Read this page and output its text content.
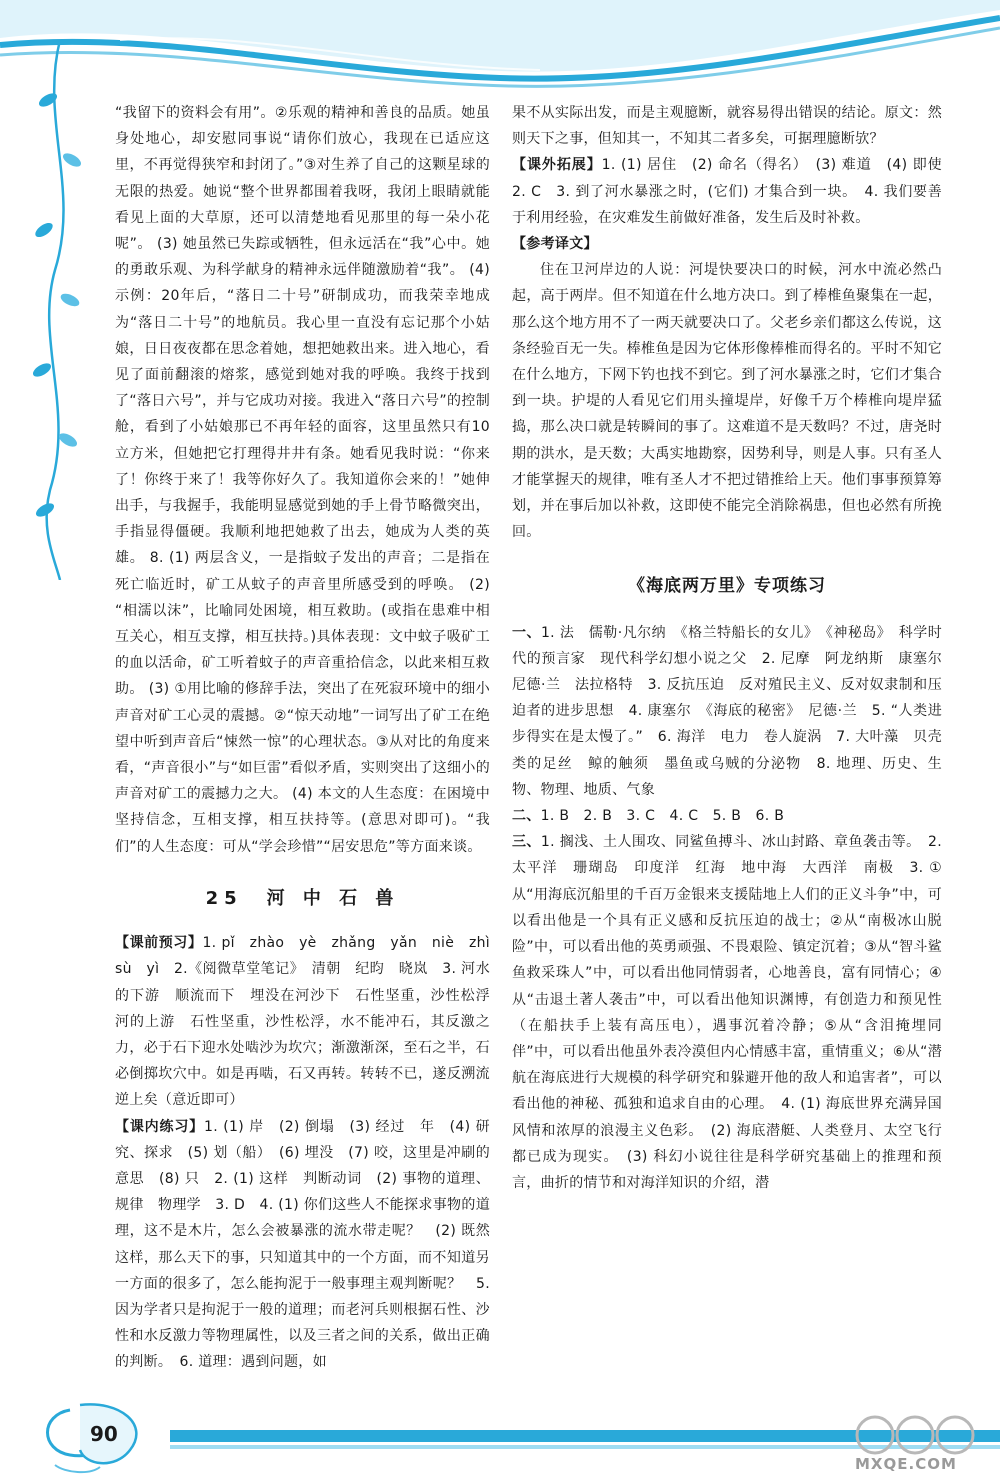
“我留下的资料会有用”。②乐观的精神和善良的品质。她虽身处地心，却安慰同事说“请你们放心，我现在已适应这里，不再觉得狭窄和封闭了。”③对生养了自己的这颗星球的无限的热爱。她说“整个世界都围着我呀，我闭上眼睛就能看见上面的大草原，还可以清楚地看见那里的每一朵小花呢”。 (3) 她虽然已失踪或牺牲，但永远活在“我”心中。她的勇敢乐观、为科学献身的精神永远伴随激励着“我”。 (4) 示例：20年后，“落日二十号”研制成功，而我荣幸地成为“落日二十号”的地航员。我心里一直没有忘记那个小姑娘，日日夜夜都在思念着她，想把她救出来。进入地心，看见了面前翻滚的熔浆，感觉到她对我的呼唤。我终于找到了“落日六号”，并与它成功对接。我进入“落日六号”的控制舱，看到了小姑娘那已不再年轻的面容，这里虽然只有10立方米，但她把它打理得井井有条。她看见我时说：“你来了！你终于来了！我等你好久了。我知道你会来的！”她伸出手，与我握手，我能明显感觉到她的手上骨节略微突出，手指显得僵硬。我顺利地把她救了出去，她成为人类的英雄。 8. (1) 两层含义，一是指蚊子发出的声音；二是指在死亡临近时，矿工从蚊子的声音里所感受到的呼唤。 (2) “相濡以沫”，比喻同处困境，相互救助。(或指在患难中相互关心，相互支撑，相互扶持。)具体表现：文中蚊子吸矿工的血以活命，矿工听着蚊子的声音重拾信念，以此来相互救助。 (3) ①用比喻的修辞手法，突出了在死寂环境中的细小声音对矿工心灵的震撼。②“惊天动地”一词写出了矿工在绝望中听到声音后“悚然一惊”的心理状态。③从对比的角度来看，“声音很小”与“如巨雷”看似矛盾，实则突出了这细小的声音对矿工的震撼力之大。 (4) 本文的人生态度：在困境中坚持信念，互相支撑，相互扶持等。(意思对即可)。“我们”的人生态度：可从“学会珍惜”“居安思危”等方面来谈。

25　河 中 石 兽

【课前预习】1. pǐ　zhào　yè　zhǎng　yǎn　niè　zhì　sù　yì　2.《阅微草堂笔记》　清朝　纪昀　晓岚　3. 河水的下游　顺流而下　埋没在河沙下　石性坚重，沙性松浮　河的上游　石性坚重，沙性松浮，水不能冲石，其反激之力，必于石下迎水处啮沙为坎穴；渐激渐深，至石之半，石必倒掷坎穴中。如是再啮，石又再转。转转不已，遂反溯流逆上矣（意近即可）

【课内练习】1. (1) 岸　(2) 倒塌　(3) 经过　年　(4) 研究、探求　(5) 划（船）　(6) 埋没　(7) 咬，这里是冲刷的意思　(8) 只　2. (1) 这样　判断动词　(2) 事物的道理、规律　物理学　3. D　4. (1) 你们这些人不能探求事物的道理，这不是木片，怎么会被暴涨的流水带走呢？　(2) 既然这样，那么天下的事，只知道其中的一个方面，而不知道另一方面的很多了，怎么能拘泥于一般事理主观判断呢？　5. 因为学者只是拘泥于一般的道理；而老河兵则根据石性、沙性和水反激力等物理属性，以及三者之间的关系，做出正确的判断。　6. 道理：遇到问题，如

果不从实际出发，而是主观臆断，就容易得出错误的结论。原文：然则天下之事，但知其一，不知其二者多矣，可据理臆断欤？

【课外拓展】1. (1) 居住　(2) 命名（得名）　(3) 难道　(4) 即使　2. C　3. 到了河水暴涨之时，(它们) 才集合到一块。　4. 我们要善于利用经验，在灾难发生前做好准备，发生后及时补救。

【参考译文】

住在卫河岸边的人说：河堤快要决口的时候，河水中流必然凸起，高于两岸。但不知道在什么地方决口。到了棒椎鱼聚集在一起，那么这个地方用不了一两天就要决口了。父老乡亲们都这么传说，这条经验百无一失。棒椎鱼是因为它体形像棒椎而得名的。平时不知它在什么地方，下网下钓也找不到它。到了河水暴涨之时，它们才集合到一块。护堤的人看见它们用头撞堤岸，好像千万个棒椎向堤岸猛捣，那么决口就是转瞬间的事了。这难道不是天数吗？不过，唐尧时期的洪水，是天数；大禹实地勘察，因势利导，则是人事。只有圣人才能掌握天的规律，唯有圣人才不把过错推给上天。他们事事预算筹划，并在事后加以补救，这即使不能完全消除祸患，但也必然有所挽回。

《海底两万里》专项练习

一、1. 法　儒勒·凡尔纳　《格兰特船长的女儿》　《神秘岛》　科学时代的预言家　现代科学幻想小说之父　2. 尼摩　阿龙纳斯　康塞尔　尼德·兰　法拉格特　3. 反抗压迫　反对殖民主义、反对奴隶制和压迫者的进步思想　4. 康塞尔　《海底的秘密》　尼德·兰　5. “人类进步得实在是太慢了。”　6. 海洋　电力　卷人旋涡　7. 大叶藻　贝壳类的足丝　鲸的触须　墨鱼或乌贼的分泌物　8. 地理、历史、生物、物理、地质、气象

二、1. B　2. B　3. C　4. C　5. B　6. B

三、1. 搁浅、土人围攻、同鲨鱼搏斗、冰山封路、章鱼袭击等。　2. 太平洋　珊瑚岛　印度洋　红海　地中海　大西洋　南极　3. ①从“用海底沉船里的千百万金银来支援陆地上人们的正义斗争”中，可以看出他是一个具有正义感和反抗压迫的战士；②从“南极冰山脱险”中，可以看出他的英勇顽强、不畏艰险、镇定沉着；③从“智斗鲨鱼救采珠人”中，可以看出他同情弱者，心地善良，富有同情心；④从“击退土著人袭击”中，可以看出他知识渊博，有创造力和预见性（在船扶手上装有高压电），遇事沉着冷静；⑤从“含泪掩埋同伴”中，可以看出他虽外表冷漠但内心情感丰富，重情重义；⑥从“潜航在海底进行大规模的科学研究和躲避开他的敌人和追害者”，可以看出他的神秘、孤独和追求自由的心理。　4. (1) 海底世界充满异国风情和浓厚的浪漫主义色彩。　(2) 海底潜艇、人类登月、太空飞行都已成为现实。　(3) 科幻小说往往是科学研究基础上的推理和预言，曲折的情节和对海洋知识的介绍，潜

90
MXQE.COM
